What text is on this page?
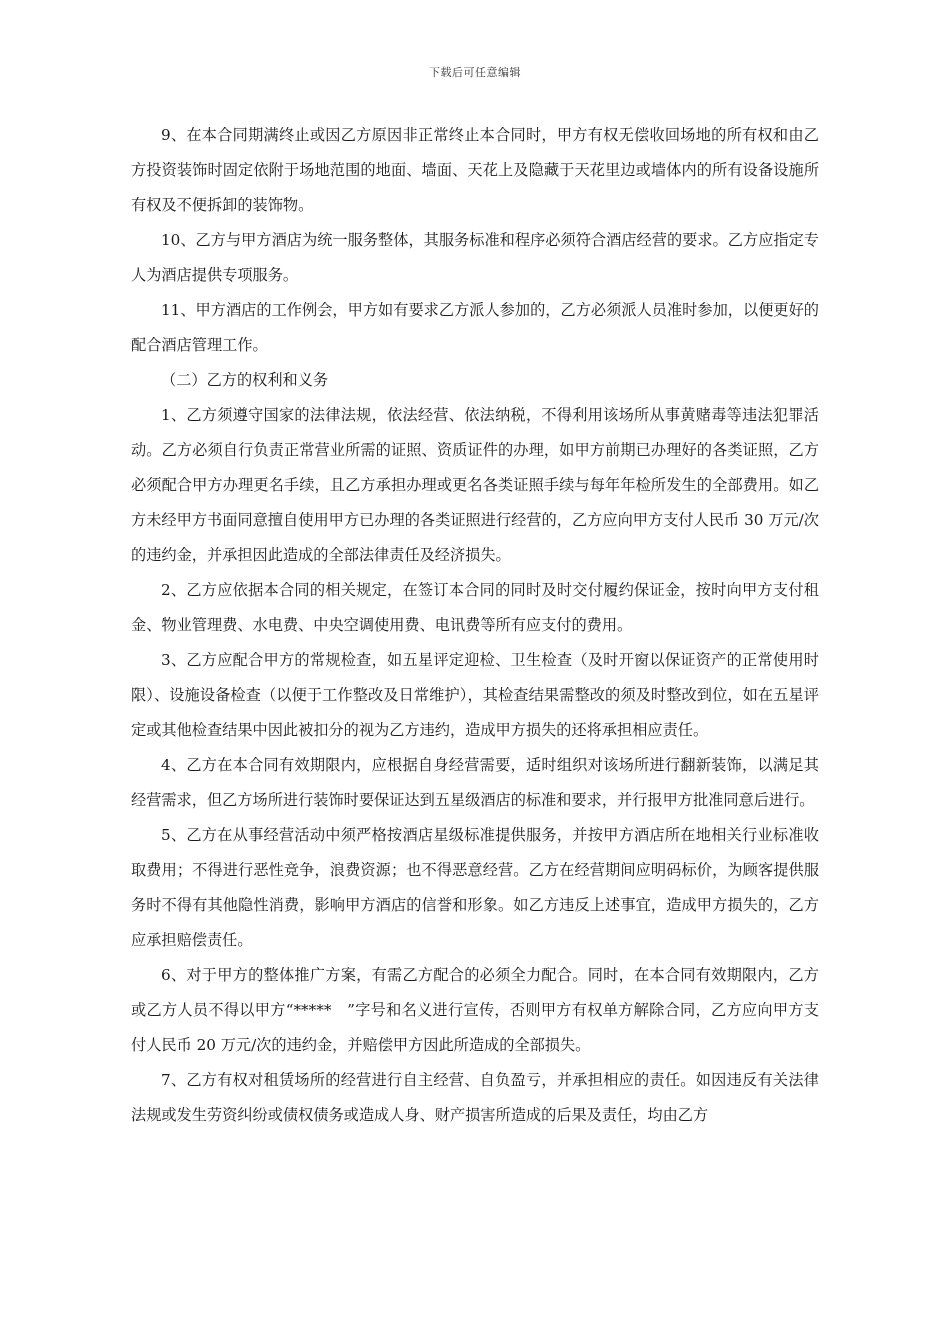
下载后可任意编辑

9、在本合同期满终止或因乙方原因非正常终止本合同时，甲方有权无偿收回场地的所有权和由乙方投资装饰时固定依附于场地范围的地面、墙面、天花上及隐藏于天花里边或墙体内的所有设备设施所有权及不便拆卸的装饰物。

10、乙方与甲方酒店为统一服务整体，其服务标准和程序必须符合酒店经营的要求。乙方应指定专人为酒店提供专项服务。

11、甲方酒店的工作例会，甲方如有要求乙方派人参加的，乙方必须派人员准时参加，以便更好的配合酒店管理工作。

（二）乙方的权利和义务

1、乙方须遵守国家的法律法规，依法经营、依法纳税，不得利用该场所从事黄赌毒等违法犯罪活动。乙方必须自行负责正常营业所需的证照、资质证件的办理，如甲方前期已办理好的各类证照，乙方必须配合甲方办理更名手续，且乙方承担办理或更名各类证照手续与每年年检所发生的全部费用。如乙方未经甲方书面同意擅自使用甲方已办理的各类证照进行经营的，乙方应向甲方支付人民币 30 万元/次的违约金，并承担因此造成的全部法律责任及经济损失。

2、乙方应依据本合同的相关规定，在签订本合同的同时及时交付履约保证金，按时向甲方支付租金、物业管理费、水电费、中央空调使用费、电讯费等所有应支付的费用。

3、乙方应配合甲方的常规检查，如五星评定迎检、卫生检查（及时开窗以保证资产的正常使用时限）、设施设备检查（以便于工作整改及日常维护），其检查结果需整改的须及时整改到位，如在五星评定或其他检查结果中因此被扣分的视为乙方违约，造成甲方损失的还将承担相应责任。

4、乙方在本合同有效期限内，应根据自身经营需要，适时组织对该场所进行翻新装饰，以满足其经营需求，但乙方场所进行装饰时要保证达到五星级酒店的标准和要求，并行报甲方批准同意后进行。

5、乙方在从事经营活动中须严格按酒店星级标准提供服务，并按甲方酒店所在地相关行业标准收取费用；不得进行恶性竞争，浪费资源；也不得恶意经营。乙方在经营期间应明码标价，为顾客提供服务时不得有其他隐性消费，影响甲方酒店的信誉和形象。如乙方违反上述事宜，造成甲方损失的，乙方应承担赔偿责任。

6、对于甲方的整体推广方案，有需乙方配合的必须全力配合。同时，在本合同有效期限内，乙方或乙方人员不得以甲方“*****　”字号和名义进行宣传，否则甲方有权单方解除合同，乙方应向甲方支付人民币 20 万元/次的违约金，并赔偿甲方因此所造成的全部损失。

7、乙方有权对租赁场所的经营进行自主经营、自负盈亏，并承担相应的责任。如因违反有关法律法规或发生劳资纠纷或债权债务或造成人身、财产损害所造成的后果及责任，均由乙方
